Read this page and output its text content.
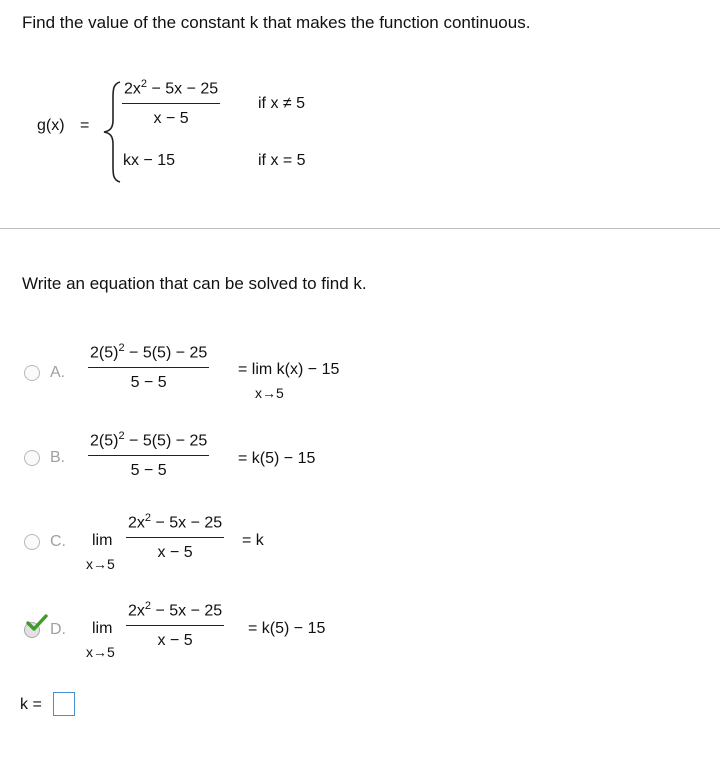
Find the value of the constant k that makes the function continuous.
$g(x) = \frac{2x^2 - 5x - 25}{x - 5}$ if x ≠ 5
kx − 15	if x = 5
Write an equation that can be solved to find k.
A. $\frac{2(5)^2 - 5(5) - 25}{5 - 5} = \lim k(x) - 15$
x→5
B. $\frac{2(5)^2 - 5(5) - 25}{5 - 5} = k(5) - 15$
C. lim
x→5
$\frac{2x^2 - 5x - 25}{x - 5} = k$
D. lim
x→5
$\frac{2x^2 - 5x - 25}{x - 5} = k(5) - 15$
k =
